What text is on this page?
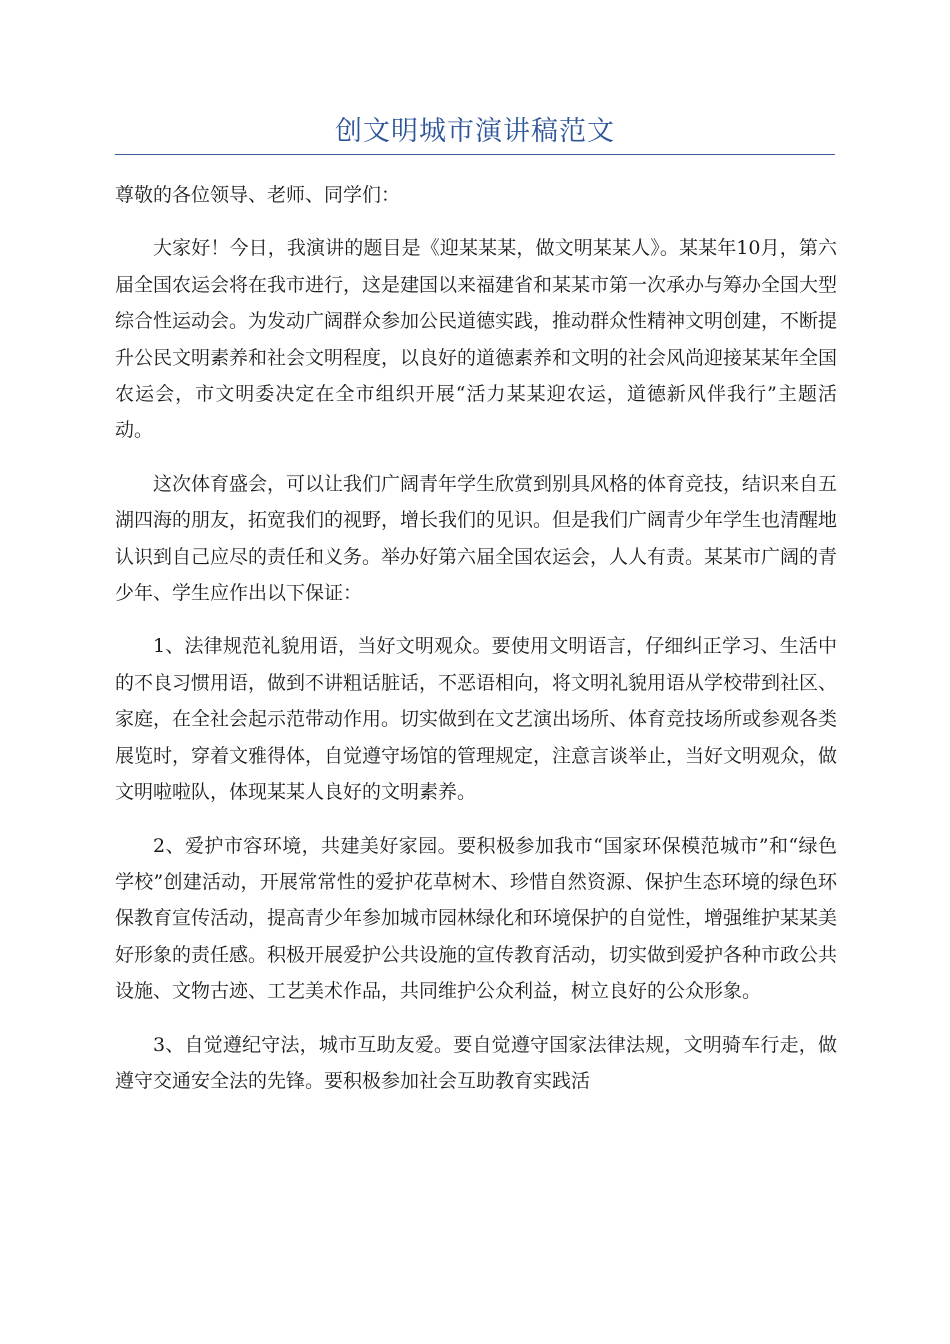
创文明城市演讲稿范文

尊敬的各位领导、老师、同学们：

大家好！今日，我演讲的题目是《迎某某某，做文明某某人》。某某年10月，第六届全国农运会将在我市进行，这是建国以来福建省和某某市第一次承办与筹办全国大型综合性运动会。为发动广阔群众参加公民道德实践，推动群众性精神文明创建，不断提升公民文明素养和社会文明程度，以良好的道德素养和文明的社会风尚迎接某某年全国农运会，市文明委决定在全市组织开展“活力某某迎农运，道德新风伴我行”主题活动。

这次体育盛会，可以让我们广阔青年学生欣赏到别具风格的体育竞技，结识来自五湖四海的朋友，拓宽我们的视野，增长我们的见识。但是我们广阔青少年学生也清醒地认识到自己应尽的责任和义务。举办好第六届全国农运会，人人有责。某某市广阔的青少年、学生应作出以下保证：

1、法律规范礼貌用语，当好文明观众。要使用文明语言，仔细纠正学习、生活中的不良习惯用语，做到不讲粗话脏话，不恶语相向，将文明礼貌用语从学校带到社区、家庭，在全社会起示范带动作用。切实做到在文艺演出场所、体育竞技场所或参观各类展览时，穿着文雅得体，自觉遵守场馆的管理规定，注意言谈举止，当好文明观众，做文明啦啦队，体现某某人良好的文明素养。

2、爱护市容环境，共建美好家园。要积极参加我市“国家环保模范城市”和“绿色学校”创建活动，开展常常性的爱护花草树木、珍惜自然资源、保护生态环境的绿色环保教育宣传活动，提高青少年参加城市园林绿化和环境保护的自觉性，增强维护某某美好形象的责任感。积极开展爱护公共设施的宣传教育活动，切实做到爱护各种市政公共设施、文物古迹、工艺美术作品，共同维护公众利益，树立良好的公众形象。

3、自觉遵纪守法，城市互助友爱。要自觉遵守国家法律法规，文明骑车行走，做遵守交通安全法的先锋。要积极参加社会互助教育实践活
